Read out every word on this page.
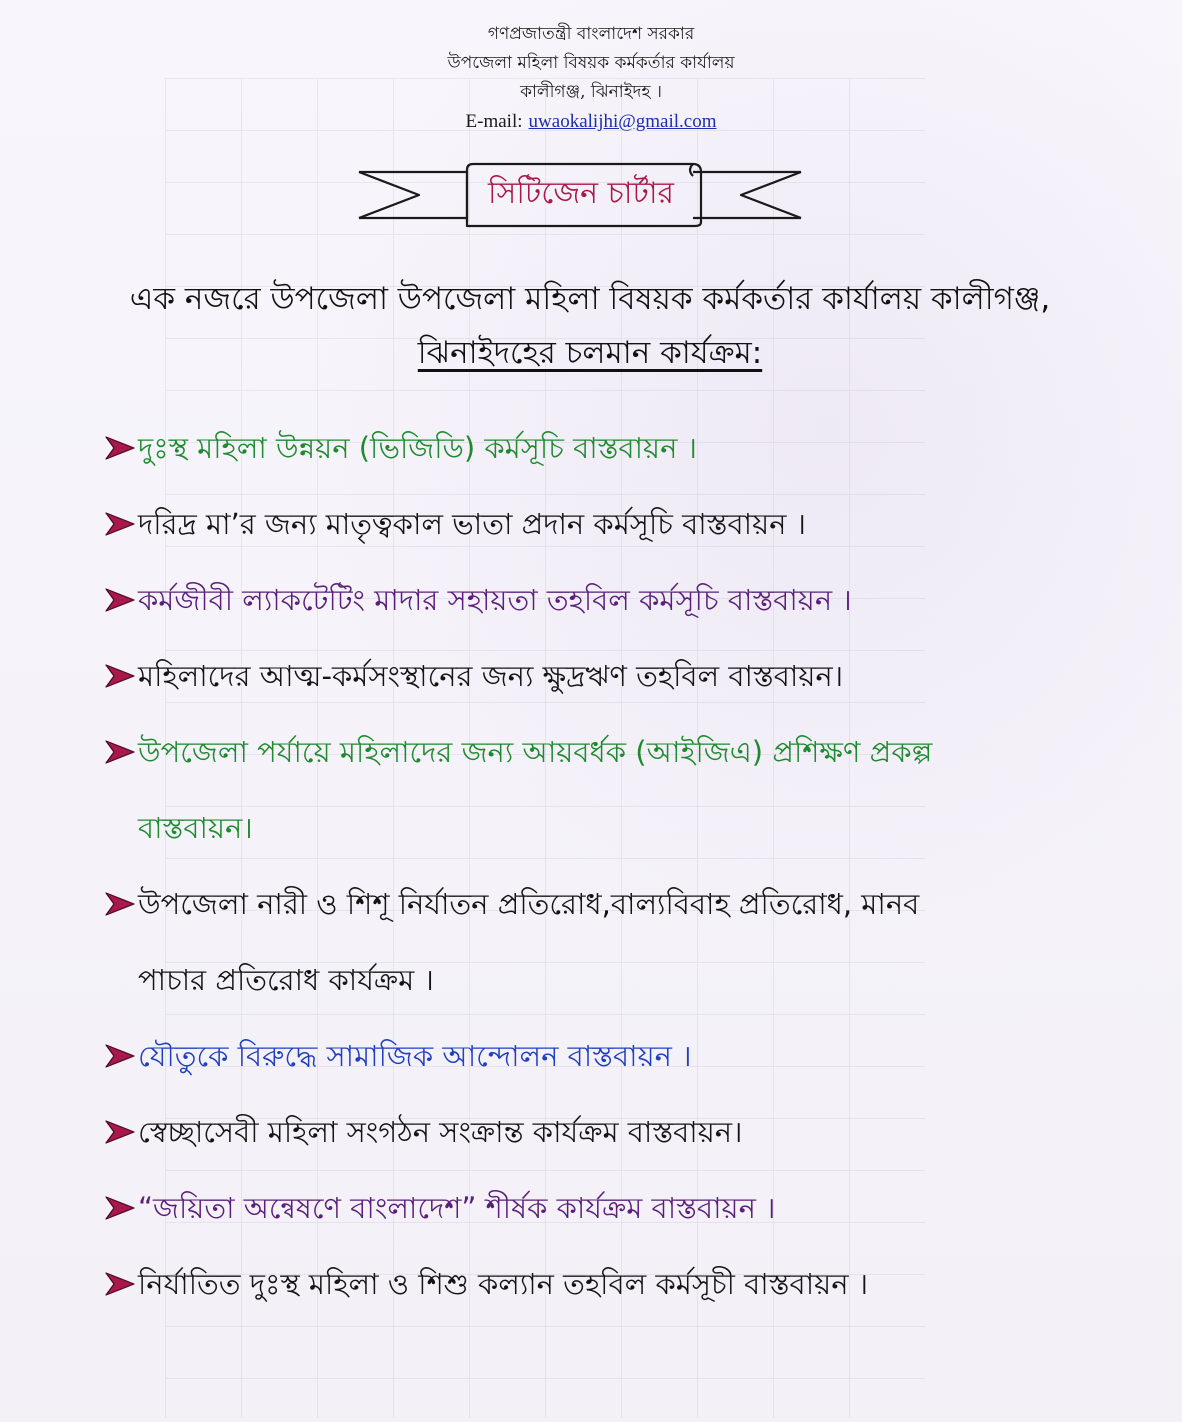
গণপ্রজাতন্ত্রী বাংলাদেশ সরকার
উপজেলা মহিলা বিষয়ক কর্মকর্তার কার্যালয়
কালীগঞ্জ, ঝিনাইদহ ।
E-mail: uwaokalijhi@gmail.com
সিটিজেন চার্টার
এক নজরে উপজেলা উপজেলা মহিলা বিষয়ক কর্মকর্তার কার্যালয় কালীগঞ্জ,
ঝিনাইদহের চলমান কার্যক্রম:
দুঃস্থ মহিলা উন্নয়ন (ভিজিডি) কর্মসূচি বাস্তবায়ন ।
দরিদ্র মা’র জন্য মাতৃত্বকাল ভাতা প্রদান কর্মসূচি বাস্তবায়ন ।
কর্মজীবী ল্যাকটেটিং মাদার সহায়তা তহবিল কর্মসূচি বাস্তবায়ন ।
মহিলাদের আত্ম-কর্মসংস্থানের জন্য ক্ষুদ্রঋণ তহবিল বাস্তবায়ন।
উপজেলা পর্যায়ে মহিলাদের জন্য আয়বর্ধক (আইজিএ) প্রশিক্ষণ প্রকল্প
বাস্তবায়ন।
উপজেলা নারী ও শিশূ নির্যাতন প্রতিরোধ,বাল্যবিবাহ প্রতিরোধ, মানব
পাচার প্রতিরোধ কার্যক্রম ।
যৌতুকে বিরুদ্ধে সামাজিক আন্দোলন বাস্তবায়ন ।
স্বেচ্ছাসেবী মহিলা সংগঠন সংক্রান্ত কার্যক্রম বাস্তবায়ন।
“জয়িতা অন্বেষণে বাংলাদেশ” শীর্ষক কার্যক্রম বাস্তবায়ন ।
নির্যাতিত দুঃস্থ মহিলা ও শিশু কল্যান তহবিল কর্মসূচী বাস্তবায়ন ।
